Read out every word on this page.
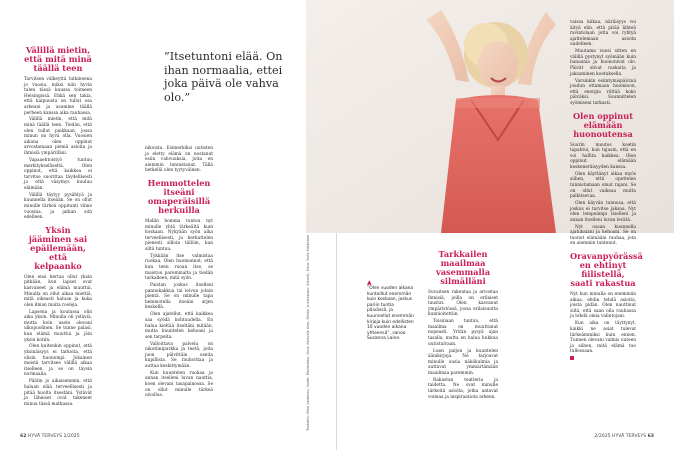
Tuotanto: Erkki Juntunen, Vaate: Marimekko, Koru: Kalevala Koru, Meikki ja kampaus: Salonki, Kuva: Sofia Kukkonen	▲
”Olen vuoden aikana kuntoillut enemmän kuin koskaan, joskus pariin tuntia päivässä, ja kuunnellut enemmän kirjoja kuin edellisten 10 vuoden aikana yhteensä”, sanoo Susanna Laine.
”Itsetuntoni elää. On ihan normaalia, ettei joka päivä ole vahva olo.”
Välillä mietin, että mitä minä täällä teen

Tarvitsen välkeyttä tutkineena jo vuosia, miksi niin hyvin tulen tässä kuussa toimeen Helsingissä. Ehkä sen takia, että kaipuusta on tullut osa arkeani ja asumme täällä perheen kanssa aika rauhassa.

Välillä mietin, että mitä minä täällä teen. Tiedän, että olen tullut paikkaan, jossa minun on hyvä olla. Vuosien aikana olen oppinut arvostamaan pieniä asioita ja ihmisiä ympärilläni.

Vapaaehtoistyö tuntuu merkitykselliseltä. Olen oppinut, että kaikkea ei tarvitse suorittaa täydellisesti ja että väsymys kuuluu elämään.

Välillä täytyy pysähtyä ja kuunnella itseään. Se on ollut minulle tärkeä oppitunti viime vuosina, ja jatkan sitä edelleen.

Yksin jääminen sai epäilemään, että kelpaanko

Olen ensi kertaa ollut yksin pitkään, kun lapset ovat kasvaneet ja elämä muuttui. Minulla on ollut aikaa miettiä, mitä oikeasti haluan ja kuka olen ilman muita rooleja.

Lapsena ja koulussa olin aika yksin. Minulla oli ystäviä, mutta koin usein olevani ulkopuolinen. Se tunne palasi, kun elämä muuttui ja jäin yksin kotiin.

Olen kuitenkin oppinut, että yksinäisyys ei tarkoita, että olisin huonompi. Jokainen meistä tarvitsee välillä aikaa itselleen, ja se on täysin normaalia.

Päätin jo aikaisemmin, että haluan elää terveellisesti ja pitää huolta itsestäni. Ystävät ja läheiset ovat tukeneet minua tässä matkassa.

nikoista. Esimerkiksi uutisten ja eletty elämä on nostanut esiin vahvuuksia, joita en aiemmin tunnistanut. Tällä hetkellä olen tyytyväinen.

Hemmottelen itseäni omaperäisillä herkuilla

Mallin homma tuntuu nyt minulle yhtä tärkeältä kuin koskaan. Nykyään syön aika terveellisesti, ja herkuttelen pienesti silloin tällöin, kun siltä tuntuu.

Tykkään itse valmistaa ruokaa. Olen huomannut, että kun teen ruoan itse, se maistuu paremmalta ja tiedän tarkalleen, mitä syön.

Paistan joskus itselleni pannukakkua tai leivon jotain pientä. Se on minulle tapa hemmotella itseäni arjen keskellä.

Olen ajatellut, että kaikkea saa syödä kohtuudella. En halua kieltää itseltäni mitään, mutta kuuntelen kehoani ja sen tarpeita.

Valloittava palvelu on nikotiinipurkka ja teetä, joita juon päivittäin useita kupillisia. Se rauhoittaa ja auttaa keskittymään.

Kun kuuntelen ruokaa ja annan itselleni luvan nauttia, koen olevani tasapainossa. Se on ollut minulle tärkeä oivallus.

Tarkkailen maailmaa vasemmalla silmälläni

Suvaitsen rakentaa ja arvostaa ihmisiä, joilla on erilaiset taustat. Olen kasvanut ympäristössä, jossa erilaisuutta kunnioitettiin.

Toisinaan tuntuu, että maailma on muuttunut nopeasti. Yritän pysyä ajan tasalla, mutta en halua hukkua uutistulvaan.

Luen paljon ja kuuntelen äänikirjoja. Ne tarjoavat minulle uusia näkökulmia ja auttavat ymmärtämään maailmaa paremmin.

Rakastan teatteria ja taidetta. Ne ovat minulle tärkeitä asioita, jotka antavat voimaa ja inspiraatiota arkeen.

vaissa kiikaa, näräisyys voi äityä elin, että pitää lähteä ravintolaan jotta voi ryhtyä ajattelemaan asioita uudelleen.

Muutama vuosi sitten en välillä pystynyt syömään kuin banaania ja huononivat olo. Päivät olivat raskaita ja jaksaminen koetuksella.

Varsinkin esiintymispäivinä joudun ottamaan huomioon, että energia riittää koko päiväksi. Suunnittelen syömiseni tarkasti.

Olen oppinut elämään huonoutensa

Suurin muutos koetin tapahtui, kun tajusin, että en voi hallita kaikkea. Olen oppinut elämään keskeneräisyyden kanssa.

Olen käyttänyt aikaa myös siihen, että opettelen tunnistamaan omat rajani. Se on ollut vaikeaa mutta palkitsevaa.

Olen käyvän tunnusa, että joskus ei tarvitse jaksaa. Nyt olen lempeämpi itselleni ja annan itselleni luvan levätä.

Nyt osaan kuunnella ajatuksiani ja kehoani. Se on tuonut elämääni rauhaa, jota en aiemmin tuntenut.

Oravanpyörässä en ehtinyt fiilistellä, saati rakastua

Nyt kun minulla on enemmän aikaa, ehdin tehdä asioita, joista pidän. Olen nauttinut siitä, että saan olla rauhassa ja tehdä omia valintojani.

Kun aika on täyttynyt, kaikki ne asiat tulevat tärkeämmiksi kuin ennen. Tunnen olevani valmis uuteen ja siihen, mitä elämä tuo tullessaan.

62 HYVÄ TERVEYS 2/2025	2/2025 HYVÄ TERVEYS 63
